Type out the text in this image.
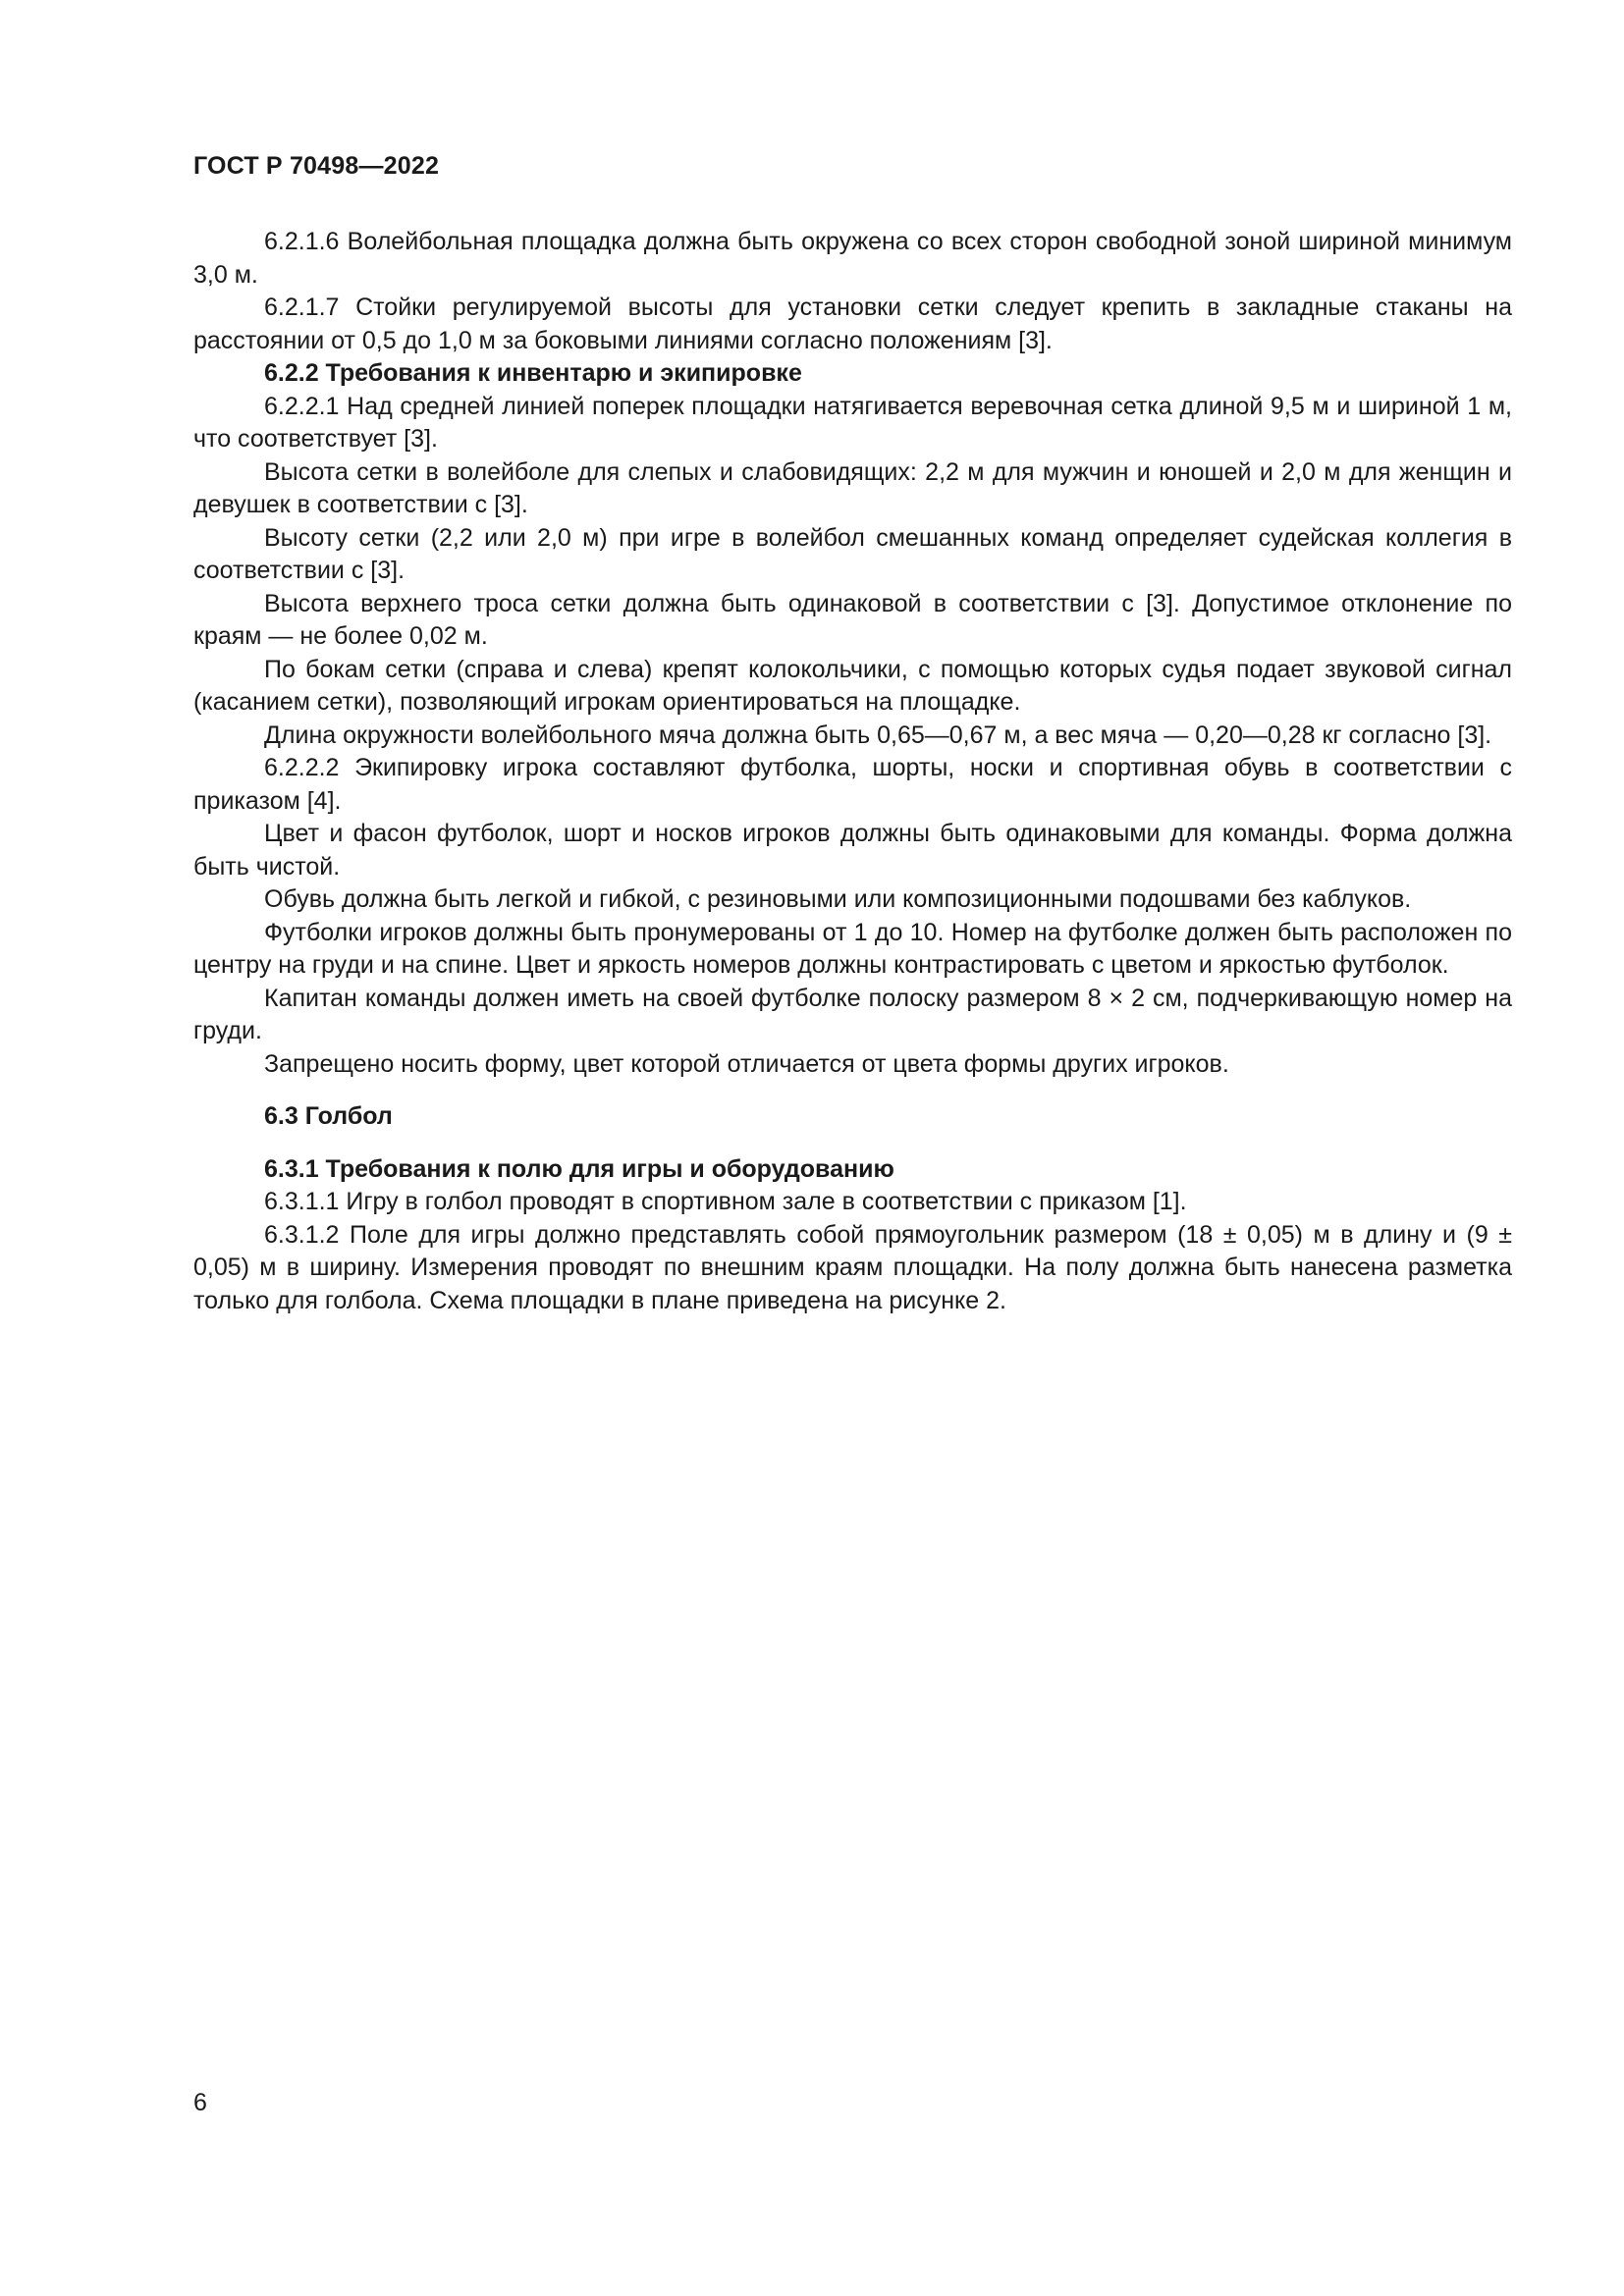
ГОСТ Р 70498—2022

6.2.1.6 Волейбольная площадка должна быть окружена со всех сторон свободной зоной шириной минимум 3,0 м.

6.2.1.7 Стойки регулируемой высоты для установки сетки следует крепить в закладные стаканы на расстоянии от 0,5 до 1,0 м за боковыми линиями согласно положениям [3].

6.2.2 Требования к инвентарю и экипировке

6.2.2.1 Над средней линией поперек площадки натягивается веревочная сетка длиной 9,5 м и шириной 1 м, что соответствует [3].

Высота сетки в волейболе для слепых и слабовидящих: 2,2 м для мужчин и юношей и 2,0 м для женщин и девушек в соответствии с [3].

Высоту сетки (2,2 или 2,0 м) при игре в волейбол смешанных команд определяет судейская коллегия в соответствии с [3].

Высота верхнего троса сетки должна быть одинаковой в соответствии с [3]. Допустимое отклонение по краям — не более 0,02 м.

По бокам сетки (справа и слева) крепят колокольчики, с помощью которых судья подает звуковой сигнал (касанием сетки), позволяющий игрокам ориентироваться на площадке.

Длина окружности волейбольного мяча должна быть 0,65—0,67 м, а вес мяча — 0,20—0,28 кг согласно [3].

6.2.2.2 Экипировку игрока составляют футболка, шорты, носки и спортивная обувь в соответствии с приказом [4].

Цвет и фасон футболок, шорт и носков игроков должны быть одинаковыми для команды. Форма должна быть чистой.

Обувь должна быть легкой и гибкой, с резиновыми или композиционными подошвами без каблуков.

Футболки игроков должны быть пронумерованы от 1 до 10. Номер на футболке должен быть расположен по центру на груди и на спине. Цвет и яркость номеров должны контрастировать с цветом и яркостью футболок.

Капитан команды должен иметь на своей футболке полоску размером 8 × 2 см, подчеркивающую номер на груди.

Запрещено носить форму, цвет которой отличается от цвета формы других игроков.

6.3 Голбол

6.3.1 Требования к полю для игры и оборудованию

6.3.1.1 Игру в голбол проводят в спортивном зале в соответствии с приказом [1].

6.3.1.2 Поле для игры должно представлять собой прямоугольник размером (18 ± 0,05) м в длину и (9 ± 0,05) м в ширину. Измерения проводят по внешним краям площадки. На полу должна быть нанесена разметка только для голбола. Схема площадки в плане приведена на рисунке 2.

6
